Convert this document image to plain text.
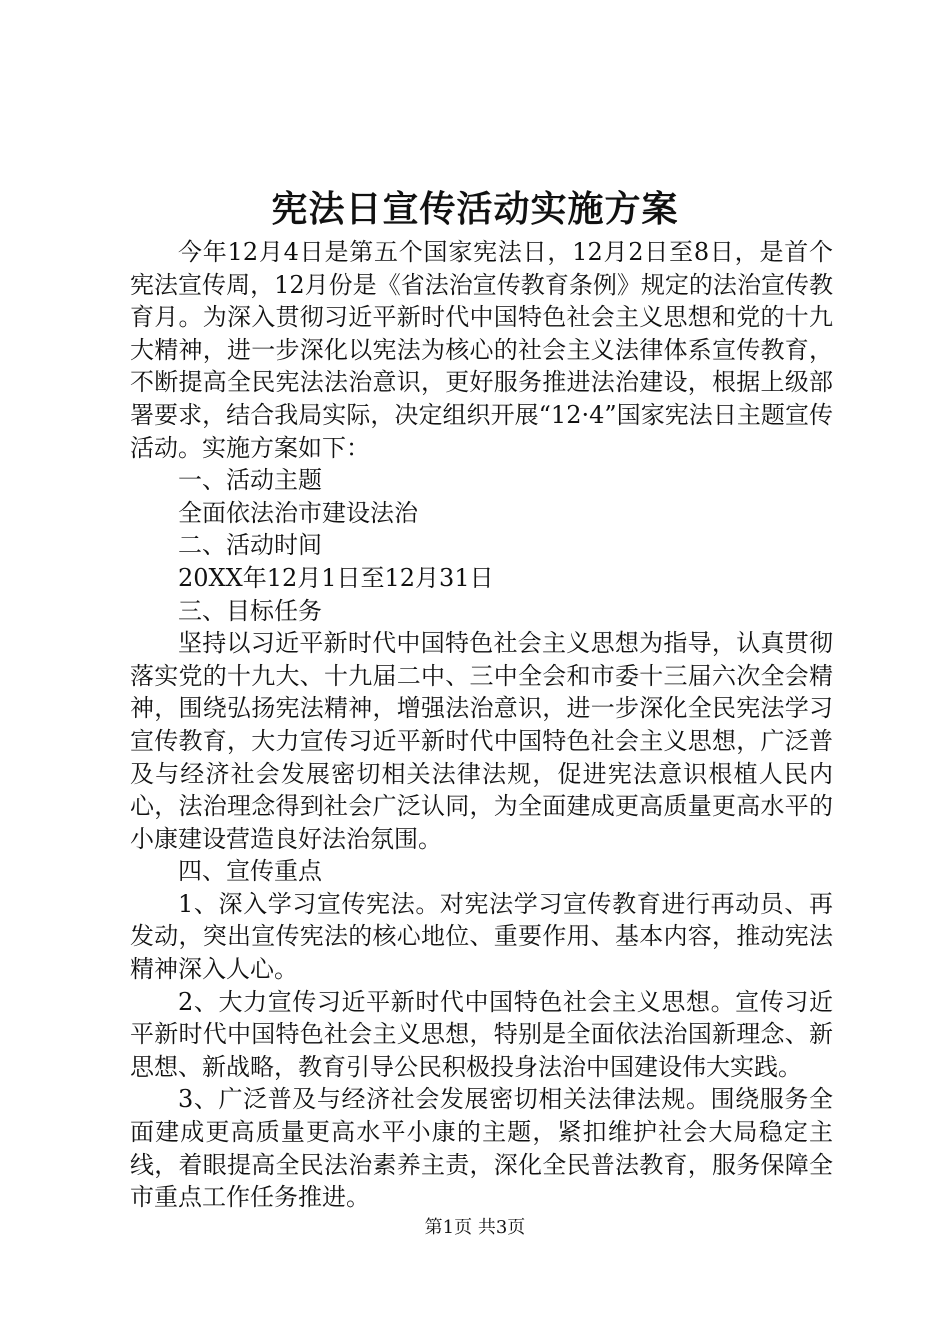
宪法日宣传活动实施方案

今年12月4日是第五个国家宪法日，12月2日至8日，是首个宪法宣传周，12月份是《省法治宣传教育条例》规定的法治宣传教育月。为深入贯彻习近平新时代中国特色社会主义思想和党的十九大精神，进一步深化以宪法为核心的社会主义法律体系宣传教育，不断提高全民宪法法治意识，更好服务推进法治建设，根据上级部署要求，结合我局实际，决定组织开展“12·4”国家宪法日主题宣传活动。实施方案如下：

一、活动主题

全面依法治市建设法治

二、活动时间

20XX年12月1日至12月31日

三、目标任务

坚持以习近平新时代中国特色社会主义思想为指导，认真贯彻落实党的十九大、十九届二中、三中全会和市委十三届六次全会精神，围绕弘扬宪法精神，增强法治意识，进一步深化全民宪法学习宣传教育，大力宣传习近平新时代中国特色社会主义思想，广泛普及与经济社会发展密切相关法律法规，促进宪法意识根植人民内心，法治理念得到社会广泛认同，为全面建成更高质量更高水平的小康建设营造良好法治氛围。

四、宣传重点

1、深入学习宣传宪法。对宪法学习宣传教育进行再动员、再发动，突出宣传宪法的核心地位、重要作用、基本内容，推动宪法精神深入人心。

2、大力宣传习近平新时代中国特色社会主义思想。宣传习近平新时代中国特色社会主义思想，特别是全面依法治国新理念、新思想、新战略，教育引导公民积极投身法治中国建设伟大实践。

3、广泛普及与经济社会发展密切相关法律法规。围绕服务全面建成更高质量更高水平小康的主题，紧扣维护社会大局稳定主线，着眼提高全民法治素养主责，深化全民普法教育，服务保障全市重点工作任务推进。

第1页 共3页
